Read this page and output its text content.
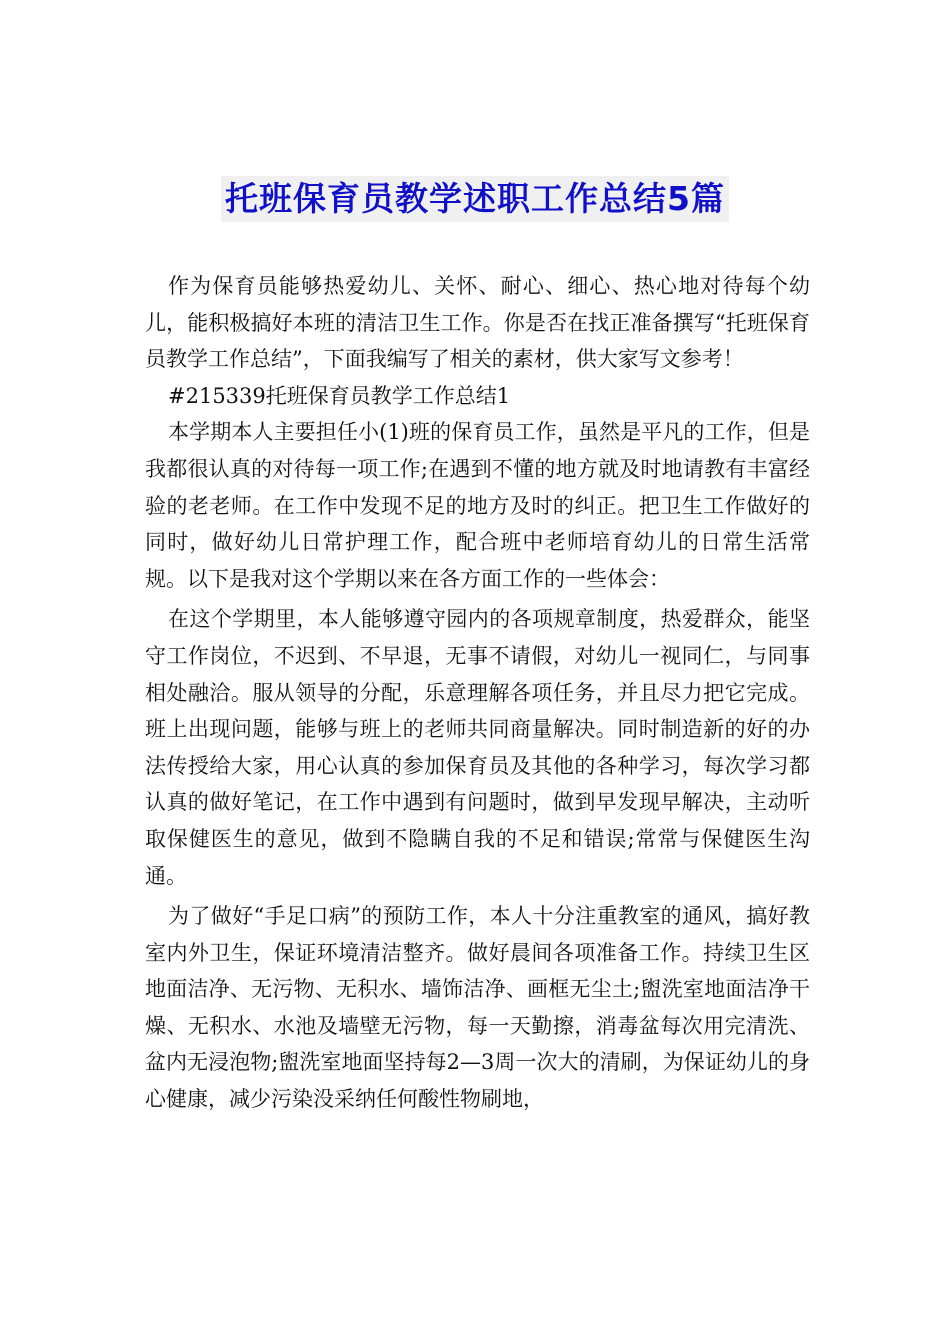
托班保育员教学述职工作总结5篇

作为保育员能够热爱幼儿、关怀、耐心、细心、热心地对待每个幼儿，能积极搞好本班的清洁卫生工作。你是否在找正准备撰写“托班保育员教学工作总结”，下面我编写了相关的素材，供大家写文参考！

#215339托班保育员教学工作总结1

本学期本人主要担任小(1)班的保育员工作，虽然是平凡的工作，但是我都很认真的对待每一项工作;在遇到不懂的地方就及时地请教有丰富经验的老老师。在工作中发现不足的地方及时的纠正。把卫生工作做好的同时，做好幼儿日常护理工作，配合班中老师培育幼儿的日常生活常规。以下是我对这个学期以来在各方面工作的一些体会：

在这个学期里，本人能够遵守园内的各项规章制度，热爱群众，能坚守工作岗位，不迟到、不早退，无事不请假，对幼儿一视同仁，与同事相处融洽。服从领导的分配，乐意理解各项任务，并且尽力把它完成。班上出现问题，能够与班上的老师共同商量解决。同时制造新的好的办法传授给大家，用心认真的参加保育员及其他的各种学习，每次学习都认真的做好笔记，在工作中遇到有问题时，做到早发现早解决，主动听取保健医生的意见，做到不隐瞒自我的不足和错误;常常与保健医生沟通。

为了做好“手足口病”的预防工作，本人十分注重教室的通风，搞好教室内外卫生，保证环境清洁整齐。做好晨间各项准备工作。持续卫生区地面洁净、无污物、无积水、墙饰洁净、画框无尘土;盥洗室地面洁净干燥、无积水、水池及墙壁无污物，每一天勤擦，消毒盆每次用完清洗、盆内无浸泡物;盥洗室地面坚持每2—3周一次大的清刷，为保证幼儿的身心健康，减少污染没采纳任何酸性物刷地，
